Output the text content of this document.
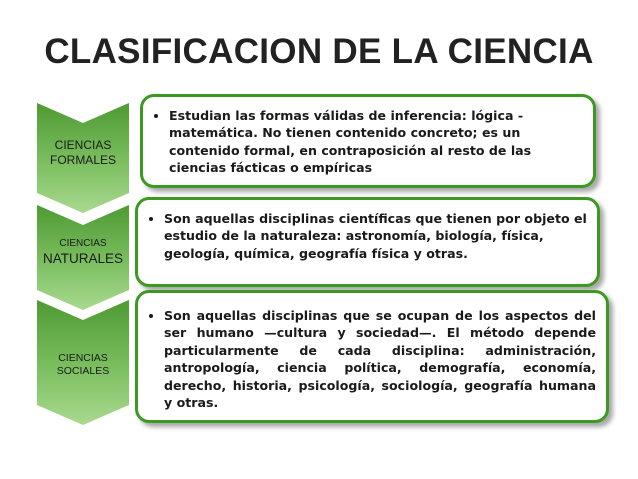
CLASIFICACION DE LA CIENCIA
CIENCIAS
FORMALES
• Estudian las formas válidas de inferencia: lógica - matemática. No tienen contenido concreto; es un contenido formal, en contraposición al resto de las ciencias fácticas o empíricas
CIENCIAS
NATURALES
• Son aquellas disciplinas científicas que tienen por objeto el estudio de la naturaleza: astronomía, biología, física, geología, química, geografía física y otras.
CIENCIAS
SOCIALES
• Son aquellas disciplinas que se ocupan de los aspectos del ser humano —cultura y sociedad—. El método depende particularmente de cada disciplina: administración, antropología, ciencia política, demografía, economía, derecho, historia, psicología, sociología, geografía humana y otras.
